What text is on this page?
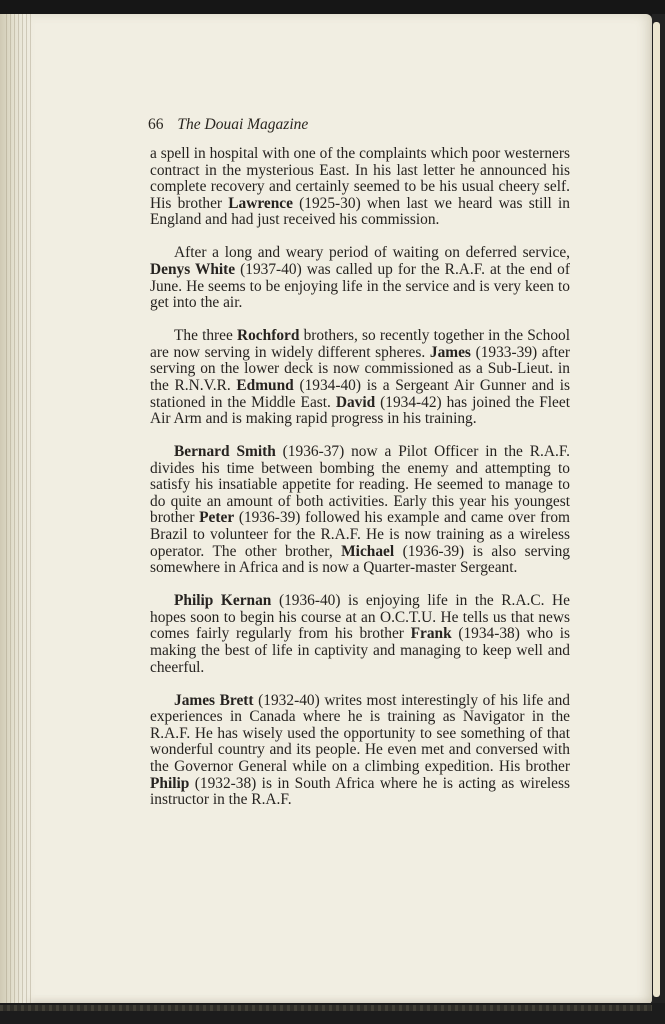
66 The Douai Magazine

a spell in hospital with one of the complaints which poor westerners contract in the mysterious East. In his last letter he announced his complete recovery and certainly seemed to be his usual cheery self. His brother Lawrence (1925-30) when last we heard was still in England and had just received his commission.

After a long and weary period of waiting on deferred service, Denys White (1937-40) was called up for the R.A.F. at the end of June. He seems to be enjoying life in the service and is very keen to get into the air.

The three Rochford brothers, so recently together in the School are now serving in widely different spheres. James (1933-39) after serving on the lower deck is now commissioned as a Sub-Lieut. in the R.N.V.R. Edmund (1934-40) is a Sergeant Air Gunner and is stationed in the Middle East. David (1934-42) has joined the Fleet Air Arm and is making rapid progress in his training.

Bernard Smith (1936-37) now a Pilot Officer in the R.A.F. divides his time between bombing the enemy and attempting to satisfy his insatiable appetite for reading. He seemed to manage to do quite an amount of both activities. Early this year his youngest brother Peter (1936-39) followed his example and came over from Brazil to volunteer for the R.A.F. He is now training as a wireless operator. The other brother, Michael (1936-39) is also serving somewhere in Africa and is now a Quarter-master Sergeant.

Philip Kernan (1936-40) is enjoying life in the R.A.C. He hopes soon to begin his course at an O.C.T.U. He tells us that news comes fairly regularly from his brother Frank (1934-38) who is making the best of life in captivity and managing to keep well and cheerful.

James Brett (1932-40) writes most interestingly of his life and experiences in Canada where he is training as Navigator in the R.A.F. He has wisely used the opportunity to see something of that wonderful country and its people. He even met and conversed with the Governor General while on a climbing expedition. His brother Philip (1932-38) is in South Africa where he is acting as wireless instructor in the R.A.F.
